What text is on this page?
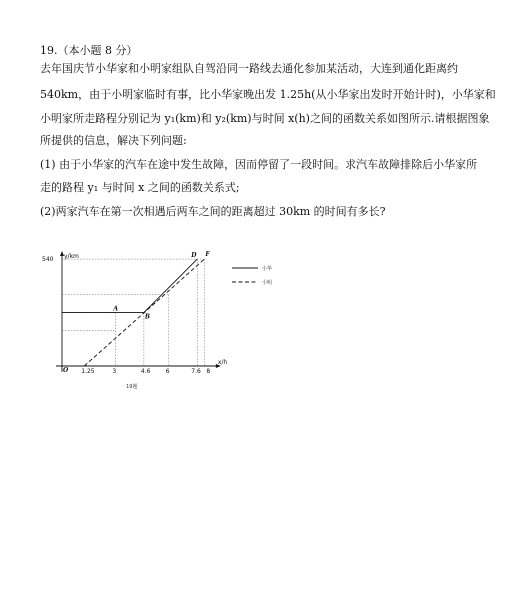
19.（本小题 8 分）
去年国庆节小华家和小明家组队自驾沿同一路线去通化参加某活动，大连到通化距离约
540km，由于小明家临时有事，比小华家晚出发 1.25h(从小华家出发时开始计时)，小华家和
小明家所走路程分别记为 y₁(km)和 y₂(km)与时间 x(h)之间的函数关系如图所示.请根据图象
所提供的信息，解决下列问题:
(1) 由于小华家的汽车在途中发生故障，因而停留了一段时间。求汽车故障排除后小华家所
走的路程 y₁ 与时间 x 之间的函数关系式;
(2)两家汽车在第一次相遇后两车之间的距离超过 30km 的时间有多长?
y/km
x/h
O
540
1.25	3	4.6	6	7.6 8
A
B
D F
小华
小明
19题
